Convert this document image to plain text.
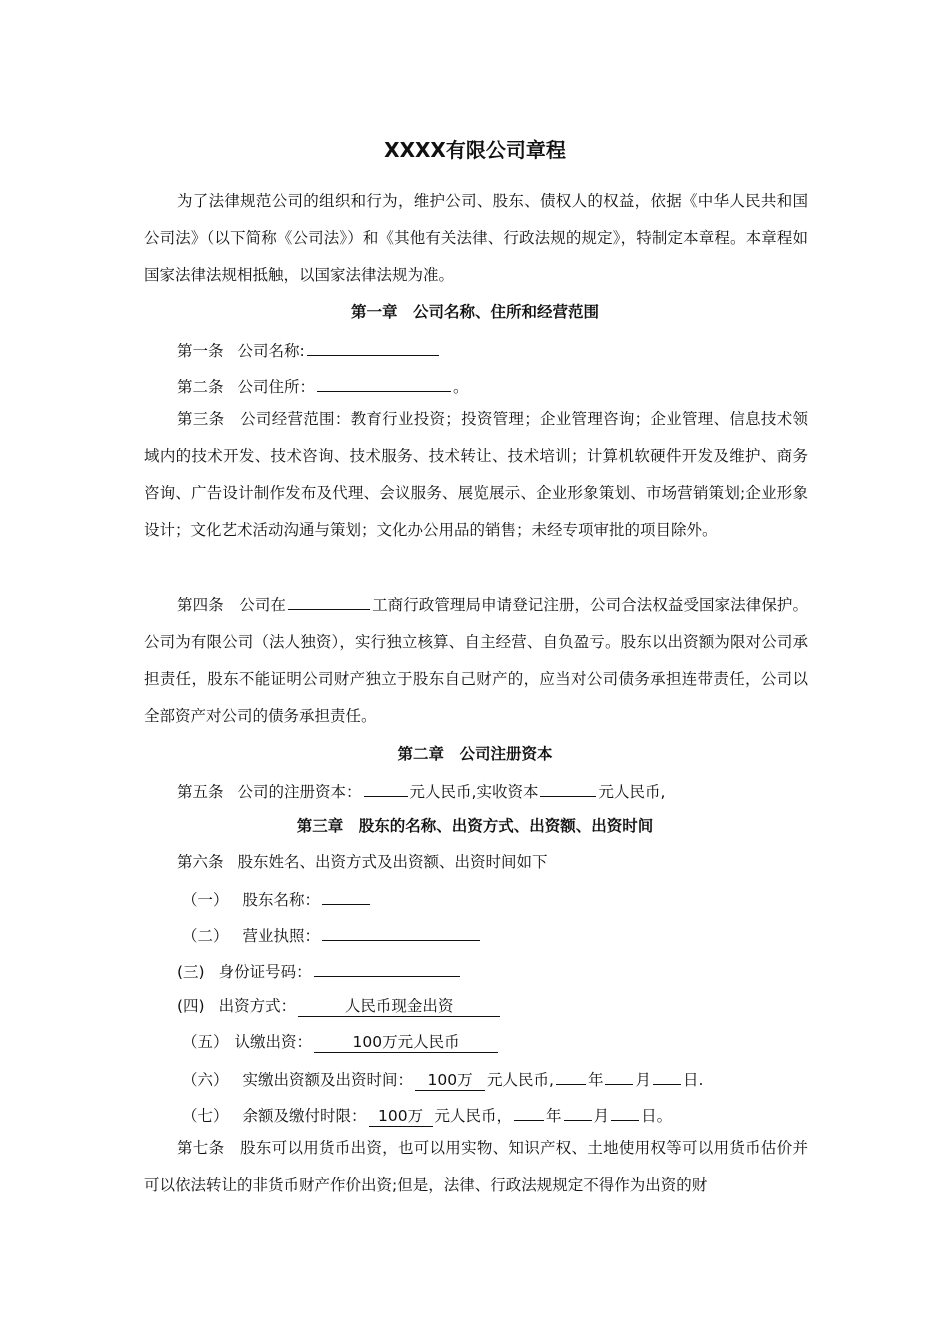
XXXX有限公司章程
为了法律规范公司的组织和行为，维护公司、股东、债权人的权益，依据《中华人民共和国公司法》（以下简称《公司法》）和《其他有关法律、行政法规的规定》，特制定本章程。本章程如国家法律法规相抵触，以国家法律法规为准。
第一章　公司名称、住所和经营范围
第一条 公司名称:
第二条 公司住所：	。
第三条　公司经营范围：教育行业投资；投资管理；企业管理咨询；企业管理、信息技术领域内的技术开发、技术咨询、技术服务、技术转让、技术培训；计算机软硬件开发及维护、商务咨询、广告设计制作发布及代理、会议服务、展览展示、企业形象策划、市场营销策划;企业形象设计；文化艺术活动沟通与策划；文化办公用品的销售；未经专项审批的项目除外。
第四条　公司在	工商行政管理局申请登记注册，公司合法权益受国家法律保护。公司为有限公司（法人独资），实行独立核算、自主经营、自负盈亏。股东以出资额为限对公司承担责任，股东不能证明公司财产独立于股东自己财产的，应当对公司债务承担连带责任，公司以全部资产对公司的债务承担责任。
第二章　公司注册资本
第五条 公司的注册资本：	元人民币,实收资本	元人民币,
第三章　股东的名称、出资方式、出资额、出资时间
第六条 股东姓名、出资方式及出资额、出资时间如下
（一） 股东名称：
（二） 营业执照：
(三) 身份证号码：
(四) 出资方式：	人民币现金出资
（五） 认缴出资：	100万元人民币
（六） 实缴出资额及出资时间： 100万 元人民币, 年 月 日.
（七） 余额及缴付时限： 100万 元人民币， 年 月 日。
第七条　股东可以用货币出资，也可以用实物、知识产权、土地使用权等可以用货币估价并可以依法转让的非货币财产作价出资;但是，法律、行政法规规定不得作为出资的财
